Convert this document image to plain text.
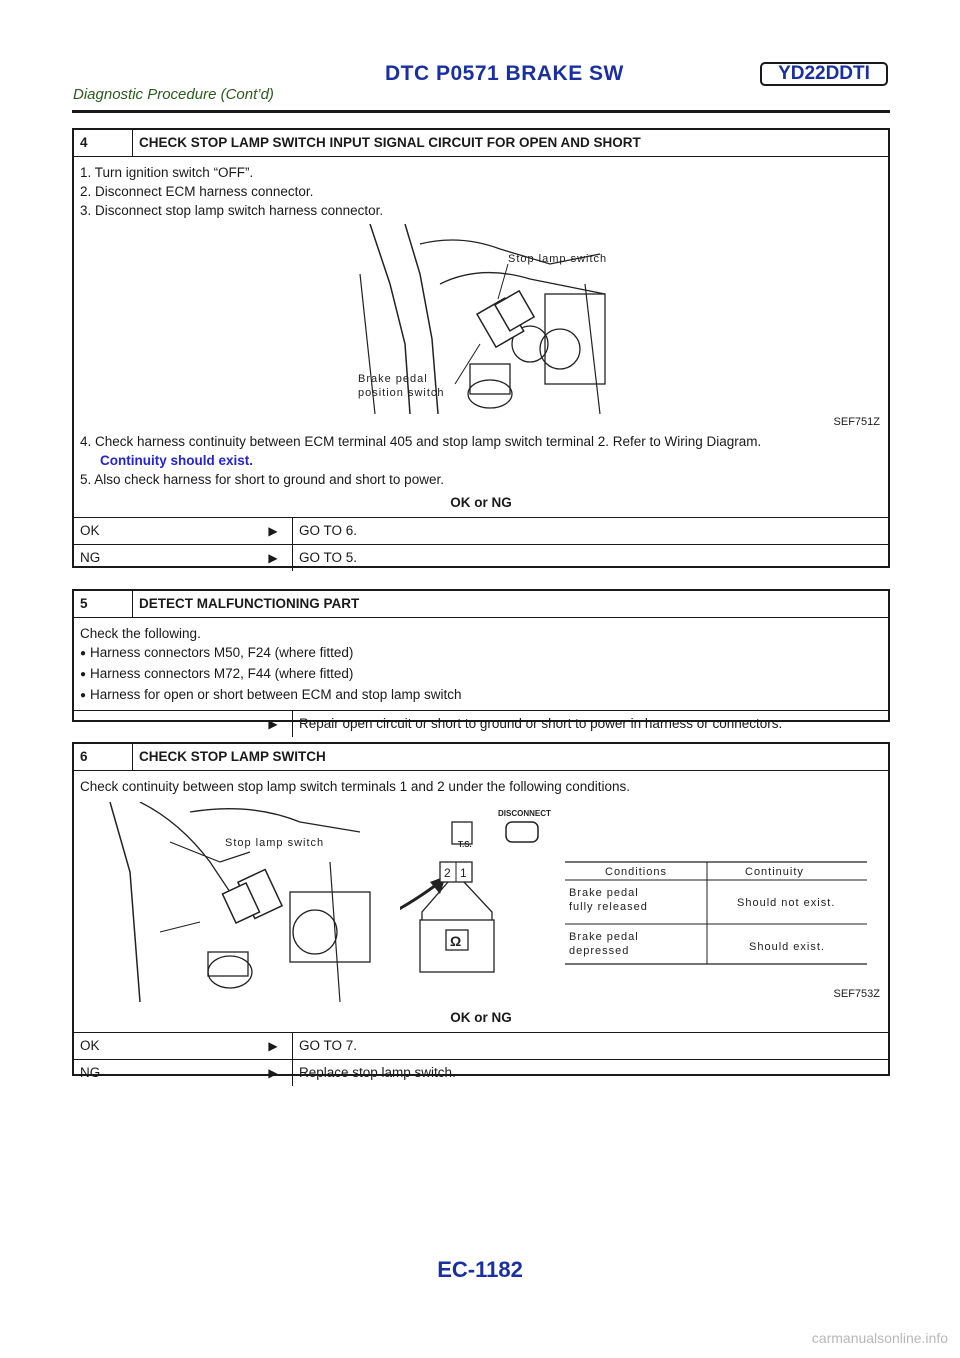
DTC P0571 BRAKE SW	YD22DDTI
Diagnostic Procedure (Cont’d)
4	CHECK STOP LAMP SWITCH INPUT SIGNAL CIRCUIT FOR OPEN AND SHORT

1. Turn ignition switch “OFF”.

2. Disconnect ECM harness connector.

3. Disconnect stop lamp switch harness connector.

Stop lamp switch
Brake pedal
position switch
SEF751Z

4. Check harness continuity between ECM terminal 405 and stop lamp switch terminal 2. Refer to Wiring Diagram.

Continuity should exist.

5. Also check harness for short to ground and short to power.

OK or NG
OK	▶	GO TO 6.
NG	▶	GO TO 5.
5	DETECT MALFUNCTIONING PART

Check the following.

● Harness connectors M50, F24 (where fitted)

● Harness connectors M72, F44 (where fitted)

● Harness for open or short between ECM and stop lamp switch

▶	Repair open circuit or short to ground or short to power in harness or connectors.
6	CHECK STOP LAMP SWITCH

Check continuity between stop lamp switch terminals 1 and 2 under the following conditions.

Stop lamp switch	T.S.
DISCONNECT
2 1
Ω
Conditions	Continuity
Brake pedal
fully released	Should not exist.
Brake pedal
depressed	Should exist.
SEF753Z
OK or NG
OK	▶	GO TO 7.
NG	▶	Replace stop lamp switch.
EC-1182
carmanualsonline.info
